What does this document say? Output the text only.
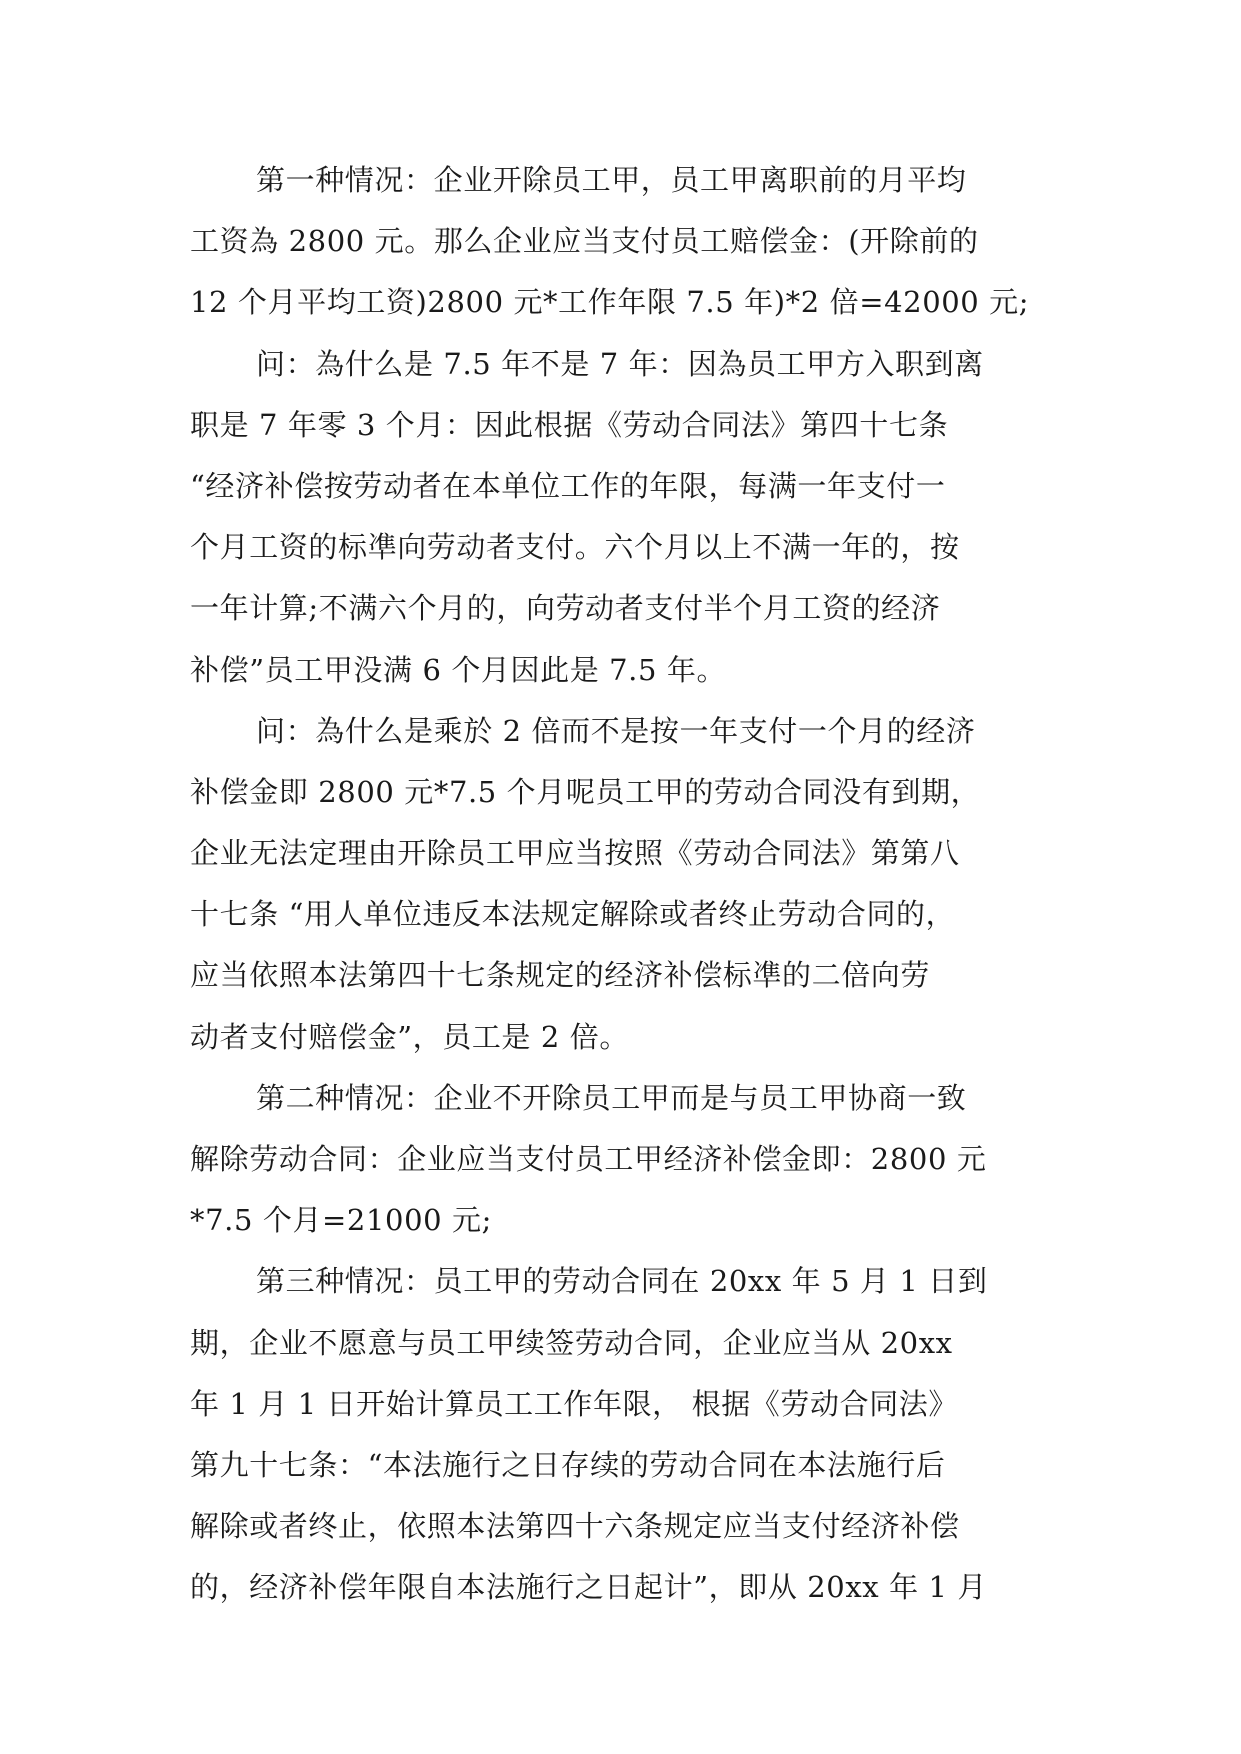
第一种情况：企业开除员工甲，员工甲离职前的月平均
工资為 2800 元。那么企业应当支付员工赔偿金：(开除前的
12 个月平均工资)2800 元*工作年限 7.5 年)*2 倍=42000 元;
问：為什么是 7.5 年不是 7 年：因為员工甲方入职到离
职是 7 年零 3 个月：因此根据《劳动合同法》第四十七条
“经济补偿按劳动者在本单位工作的年限，每满一年支付一
个月工资的标凖向劳动者支付。六个月以上不满一年的，按
一年计算;不满六个月的，向劳动者支付半个月工资的经济
补偿”员工甲没满 6 个月因此是 7.5 年。
问：為什么是乘於 2 倍而不是按一年支付一个月的经济
补偿金即 2800 元*7.5 个月呢员工甲的劳动合同没有到期，
企业无法定理由开除员工甲应当按照《劳动合同法》第第八
十七条 “用人单位违反本法规定解除或者终止劳动合同的，
应当依照本法第四十七条规定的经济补偿标凖的二倍向劳
动者支付赔偿金”，员工是 2 倍。
第二种情况：企业不开除员工甲而是与员工甲协商一致
解除劳动合同：企业应当支付员工甲经济补偿金即：2800 元
*7.5 个月=21000 元;
第三种情况：员工甲的劳动合同在 20xx 年 5 月 1 日到
期，企业不愿意与员工甲续签劳动合同，企业应当从 20xx
年 1 月 1 日开始计算员工工作年限， 根据《劳动合同法》
第九十七条：“本法施行之日存续的劳动合同在本法施行后
解除或者终止，依照本法第四十六条规定应当支付经济补偿
的，经济补偿年限自本法施行之日起计”，即从 20xx 年 1 月
